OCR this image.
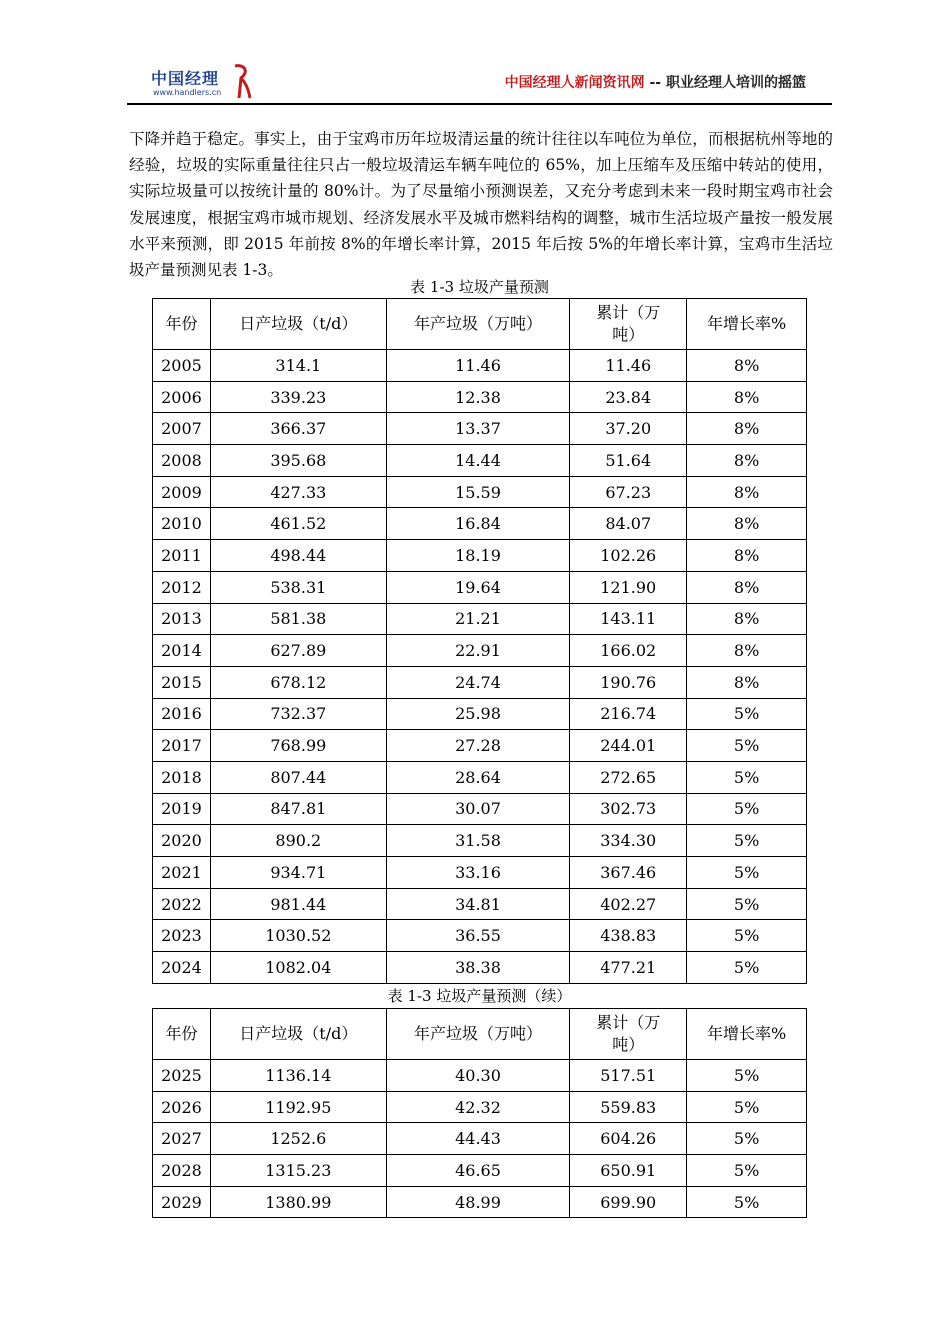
中国经理
www.handlers.cn
中国经理人新闻资讯网 -- 职业经理人培训的摇篮

下降并趋于稳定。事实上，由于宝鸡市历年垃圾清运量的统计往往以车吨位为单位，而根据杭州等地的经验，垃圾的实际重量往往只占一般垃圾清运车辆车吨位的 65%，加上压缩车及压缩中转站的使用，实际垃圾量可以按统计量的 80%计。为了尽量缩小预测误差，又充分考虑到未来一段时期宝鸡市社会发展速度，根据宝鸡市城市规划、经济发展水平及城市燃料结构的调整，城市生活垃圾产量按一般发展水平来预测，即 2015 年前按 8%的年增长率计算，2015 年后按 5%的年增长率计算，宝鸡市生活垃圾产量预测见表 1-3。

表 1-3 垃圾产量预测
年份	日产垃圾（t/d）	年产垃圾（万吨）	累计（万吨）	年增长率%
2005	314.1	11.46	11.46	8%
2006	339.23	12.38	23.84	8%
2007	366.37	13.37	37.20	8%
2008	395.68	14.44	51.64	8%
2009	427.33	15.59	67.23	8%
2010	461.52	16.84	84.07	8%
2011	498.44	18.19	102.26	8%
2012	538.31	19.64	121.90	8%
2013	581.38	21.21	143.11	8%
2014	627.89	22.91	166.02	8%
2015	678.12	24.74	190.76	8%
2016	732.37	25.98	216.74	5%
2017	768.99	27.28	244.01	5%
2018	807.44	28.64	272.65	5%
2019	847.81	30.07	302.73	5%
2020	890.2	31.58	334.30	5%
2021	934.71	33.16	367.46	5%
2022	981.44	34.81	402.27	5%
2023	1030.52	36.55	438.83	5%
2024	1082.04	38.38	477.21	5%
表 1-3 垃圾产量预测（续）
年份	日产垃圾（t/d）	年产垃圾（万吨）	累计（万吨）	年增长率%
2025	1136.14	40.30	517.51	5%
2026	1192.95	42.32	559.83	5%
2027	1252.6	44.43	604.26	5%
2028	1315.23	46.65	650.91	5%
2029	1380.99	48.99	699.90	5%
